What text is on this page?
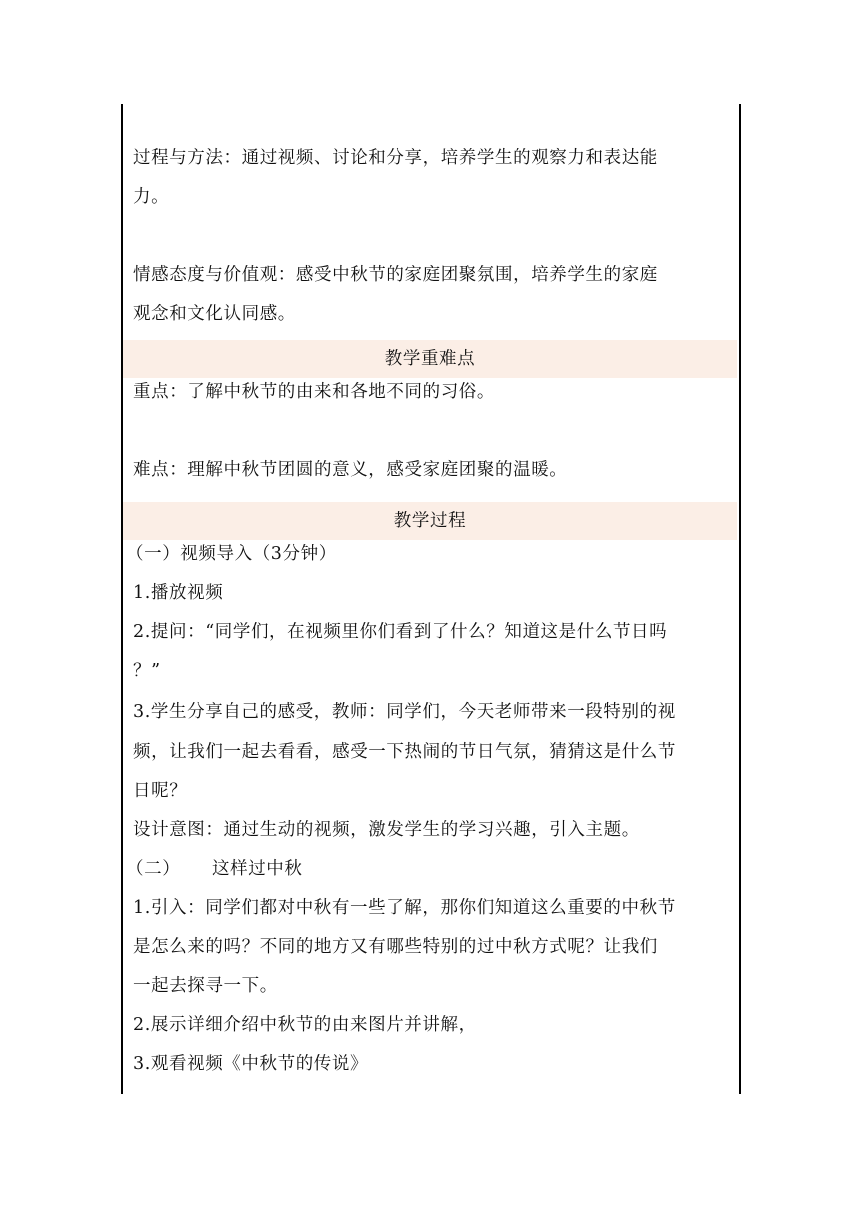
过程与方法：通过视频、讨论和分享，培养学生的观察力和表达能
力。
情感态度与价值观：感受中秋节的家庭团聚氛围，培养学生的家庭
观念和文化认同感。
教学重难点
重点：了解中秋节的由来和各地不同的习俗。
难点：理解中秋节团圆的意义，感受家庭团聚的温暖。
教学过程
（一）视频导入（3分钟）
1.播放视频
2.提问：“同学们，在视频里你们看到了什么？知道这是什么节日吗
？”
3.学生分享自己的感受，教师：同学们，今天老师带来一段特别的视
频，让我们一起去看看，感受一下热闹的节日气氛，猜猜这是什么节
日呢？
设计意图：通过生动的视频，激发学生的学习兴趣，引入主题。
（二） 这样过中秋
1.引入：同学们都对中秋有一些了解，那你们知道这么重要的中秋节
是怎么来的吗？不同的地方又有哪些特别的过中秋方式呢？让我们
一起去探寻一下。
2.展示详细介绍中秋节的由来图片并讲解，
3.观看视频《中秋节的传说》
